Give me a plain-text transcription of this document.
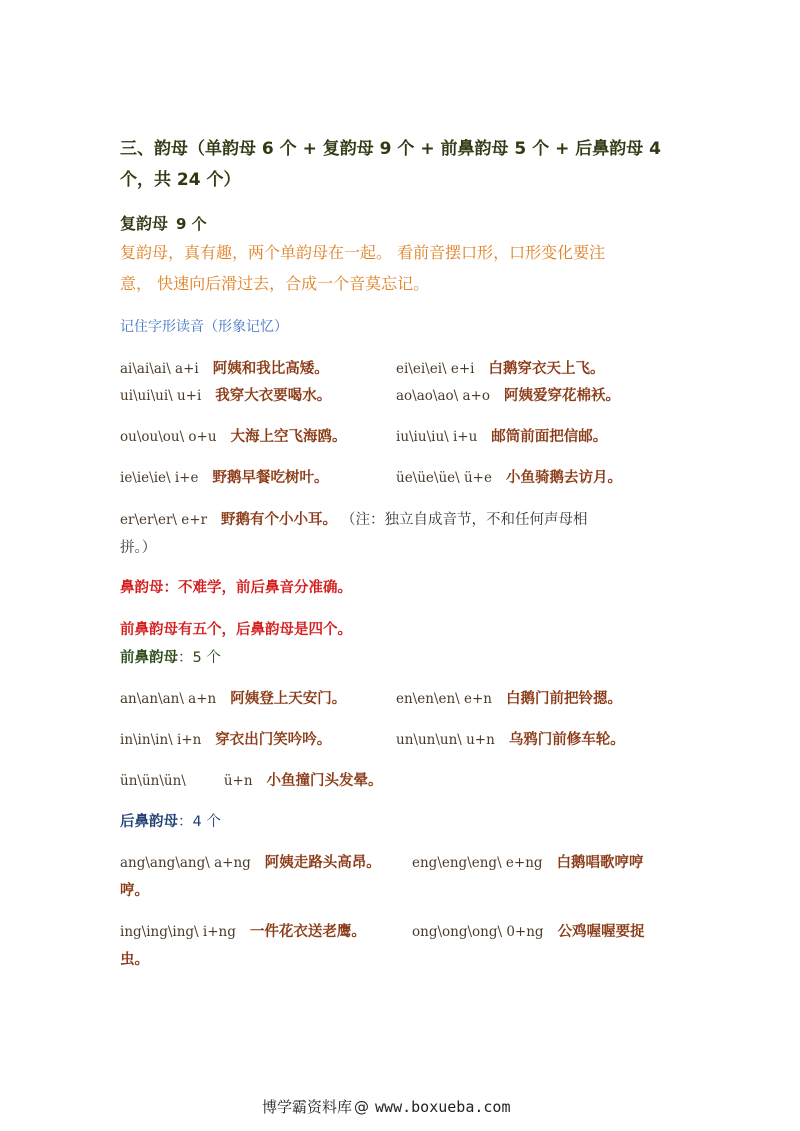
三、韵母（单韵母 6 个 + 复韵母 9 个 + 前鼻韵母 5 个 + 后鼻韵母 4
个，共 24 个）
复韵母 9 个
复韵母，真有趣，两个单韵母在一起。 看前音摆口形，口形变化要注
意， 快速向后滑过去，合成一个音莫忘记。
记住字形读音（形象记忆）
ai\ai\ai\ a+i 阿姨和我比高矮。	ei\ei\ei\ e+i 白鹅穿衣天上飞。
ui\ui\ui\ u+i 我穿大衣要喝水。	ao\ao\ao\ a+o 阿姨爱穿花棉袄。
ou\ou\ou\ o+u 大海上空飞海鸥。	iu\iu\iu\ i+u 邮筒前面把信邮。
ie\ie\ie\ i+e 野鹅早餐吃树叶。	üe\üe\üe\ ü+e 小鱼骑鹅去访月。
er\er\er\ e+r 野鹅有个小小耳。 （注：独立自成音节，不和任何声母相
拼。）
鼻韵母：不难学，前后鼻音分准确。
前鼻韵母有五个，后鼻韵母是四个。
前鼻韵母 ：5 个
an\an\an\ a+n 阿姨登上天安门。	en\en\en\ e+n 白鹅门前把铃摁。
in\in\in\ i+n 穿衣出门笑吟吟。	un\un\un\ u+n 乌鸦门前修车轮。
ün\ün\ün\	ü+n 小鱼撞门头发晕。
后鼻韵母 ：4 个
ang\ang\ang\ a+ng 阿姨走路头高昂。 eng\eng\eng\ e+ng 白鹅唱歌哼哼
哼。
ing\ing\ing\ i+ng 一件花衣送老鹰。	ong\ong\ong\ 0+ng 公鸡喔喔要捉
虫。
博学霸资料库 @ www.boxueba.com
